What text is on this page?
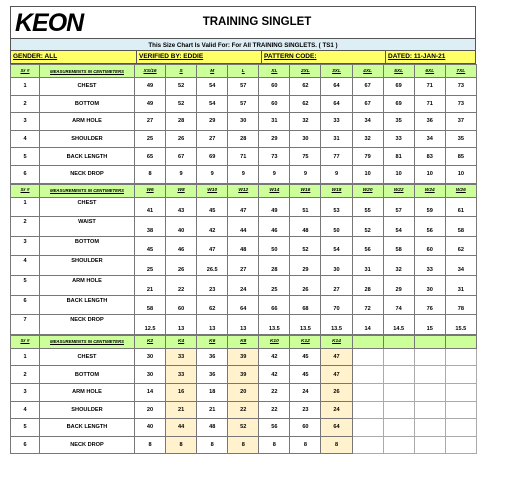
KEON	TRAINING SINGLET
This Size Chart Is Valid For: For All TRAINING SINGLETS. ( TS1 )
GENDER: ALL	VERIFIED BY: EDDIE	PATTERN CODE:	DATED: 11-JAN-21
Sr #	MEASUREMENTS IN CENTIMETERS	XS/16	S	M	L	XL	2XL	3XL	4XL	5XL	6XL	7XL
1	CHEST	49	52	54	57	60	62	64	67	69	71	73
2	BOTTOM	49	52	54	57	60	62	64	67	69	71	73
3	ARM HOLE	27	28	29	30	31	32	33	34	35	36	37
4	SHOULDER	25	26	27	28	29	30	31	32	33	34	35
5	BACK LENGTH	65	67	69	71	73	75	77	79	81	83	85
6	NECK DROP	8	9	9	9	9	9	9	10	10	10	10
Sr #	MEASUREMENTS IN CENTIMETERS	W6	W8	W10	W12	W14	W16	W18	W20	W22	W24	W26
1	CHEST	41	43	45	47	49	51	53	55	57	59	61
2	WAIST	38	40	42	44	46	48	50	52	54	56	58
3	BOTTOM	45	46	47	48	50	52	54	56	58	60	62
4	SHOULDER	25	26	26.5	27	28	29	30	31	32	33	34
5	ARM HOLE	21	22	23	24	25	26	27	28	29	30	31
6	BACK LENGTH	58	60	62	64	66	68	70	72	74	76	78
7	NECK DROP	12.5	13	13	13	13.5	13.5	13.5	14	14.5	15	15.5
Sr #	MEASUREMENTS IN CENTIMETERS	K2	K4	K6	K8	K10	K12	K14				
1	CHEST	30	33	36	39	42	45	47				
2	BOTTOM	30	33	36	39	42	45	47				
3	ARM HOLE	14	16	18	20	22	24	26				
4	SHOULDER	20	21	21	22	22	23	24				
5	BACK LENGTH	40	44	48	52	56	60	64				
6	NECK DROP	8	8	8	8	8	8	8				
